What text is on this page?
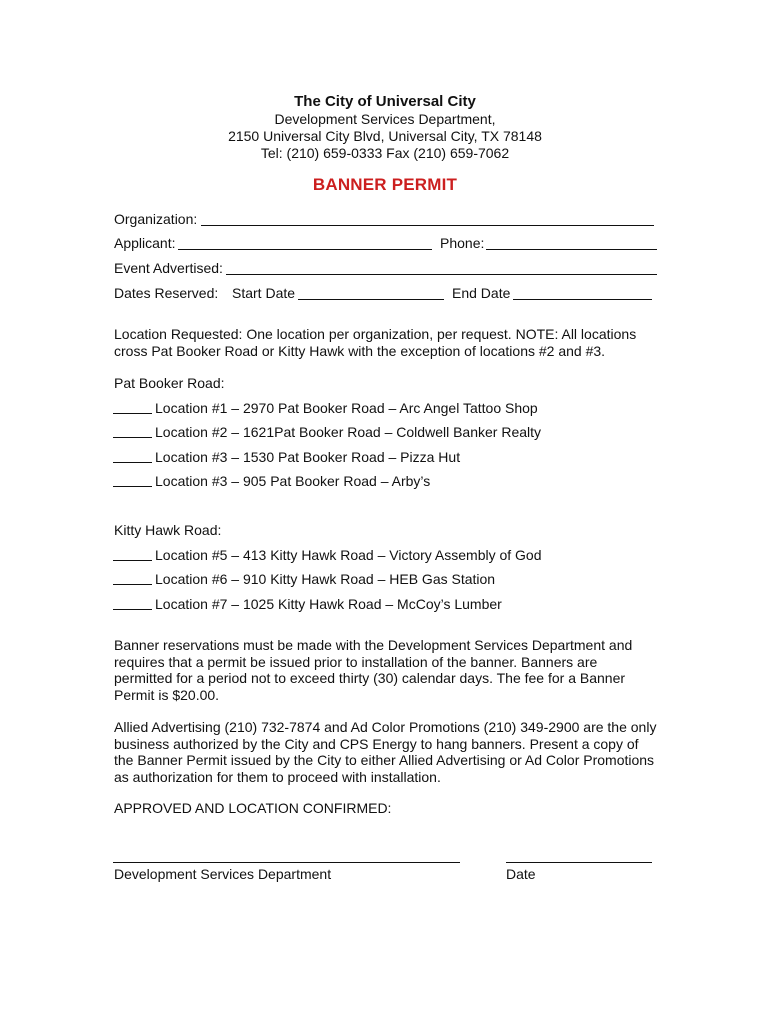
The City of Universal City
Development Services Department,
2150 Universal City Blvd, Universal City, TX 78148
Tel: (210) 659-0333 Fax (210) 659-7062
BANNER PERMIT
Organization:
Applicant:	Phone:
Event Advertised:
Dates Reserved: Start Date	End Date
Location Requested: One location per organization, per request. NOTE: All locations
cross Pat Booker Road or Kitty Hawk with the exception of locations #2 and #3.
Pat Booker Road:
Location #1 – 2970 Pat Booker Road – Arc Angel Tattoo Shop
Location #2 – 1621Pat Booker Road – Coldwell Banker Realty
Location #3 – 1530 Pat Booker Road – Pizza Hut
Location #3 – 905 Pat Booker Road – Arby’s
Kitty Hawk Road:
Location #5 – 413 Kitty Hawk Road – Victory Assembly of God
Location #6 – 910 Kitty Hawk Road – HEB Gas Station
Location #7 – 1025 Kitty Hawk Road – McCoy’s Lumber
Banner reservations must be made with the Development Services Department and
requires that a permit be issued prior to installation of the banner. Banners are
permitted for a period not to exceed thirty (30) calendar days. The fee for a Banner
Permit is $20.00.
Allied Advertising (210) 732-7874 and Ad Color Promotions (210) 349-2900 are the only
business authorized by the City and CPS Energy to hang banners. Present a copy of
the Banner Permit issued by the City to either Allied Advertising or Ad Color Promotions
as authorization for them to proceed with installation.
APPROVED AND LOCATION CONFIRMED:
Development Services Department	Date
